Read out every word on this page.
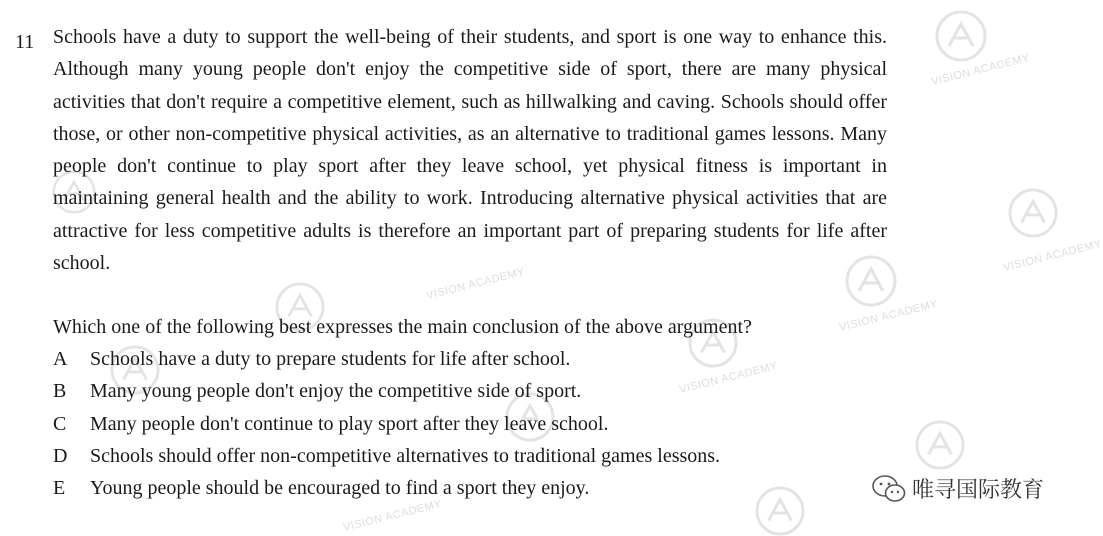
VISION ACADEMY
VISION ACADEMY
VISION ACADEMY
VISION ACADEMY
VISION ACADEMY
VISION ACADEMY
11 Schools have a duty to support the well-being of their students, and sport is one way to enhance this. Although many young people don't enjoy the competitive side of sport, there are many physical activities that don't require a competitive element, such as hillwalking and caving. Schools should offer those, or other non-competitive physical activities, as an alternative to traditional games lessons. Many people don't continue to play sport after they leave school, yet physical fitness is important in maintaining general health and the ability to work. Introducing alternative physical activities that are attractive for less competitive adults is therefore an important part of preparing students for life after school.

Which one of the following best expresses the main conclusion of the above argument?

A	Schools have a duty to prepare students for life after school.
B	Many young people don't enjoy the competitive side of sport.
C	Many people don't continue to play sport after they leave school.
D	Schools should offer non-competitive alternatives to traditional games lessons.
E	Young people should be encouraged to find a sport they enjoy.	唯寻国际教育
